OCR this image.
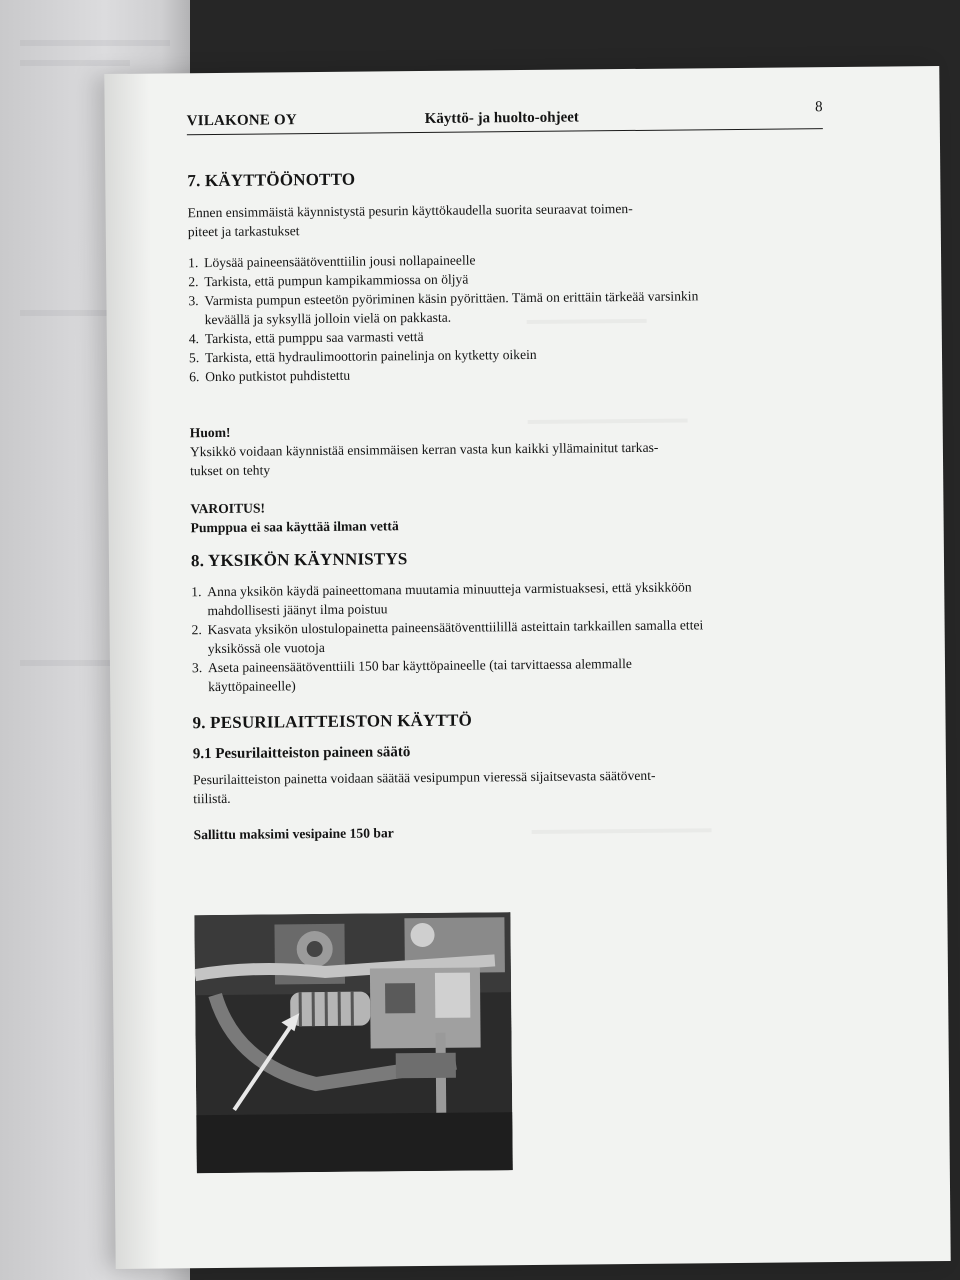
VILAKONE OY	Käyttö- ja huolto-ohjeet
8
7. KÄYTTÖÖNOTTO

Ennen ensimmäistä käynnistystä pesurin käyttökaudella suorita seuraavat toimen-
piteet ja tarkastukset

1. Löysää paineensäätöventtiilin jousi nollapaineelle
2. Tarkista, että pumpun kampikammiossa on öljyä
3. Varmista pumpun esteetön pyöriminen käsin pyörittäen. Tämä on erittäin tärkeää varsinkin keväällä ja syksyllä jolloin vielä on pakkasta.
4. Tarkista, että pumppu saa varmasti vettä
5. Tarkista, että hydraulimoottorin painelinja on kytketty oikein
6. Onko putkistot puhdistettu

Huom!

Yksikkö voidaan käynnistää ensimmäisen kerran vasta kun kaikki yllämainitut tarkas-
tukset on tehty

VAROITUS!

Pumppua ei saa käyttää ilman vettä

8. YKSIKÖN KÄYNNISTYS
1. Anna yksikön käydä paineettomana muutamia minuutteja varmistuaksesi, että yksikköön mahdollisesti jäänyt ilma poistuu
2. Kasvata yksikön ulostulopainetta paineensäätöventtiilillä asteittain tarkkaillen samalla ettei yksikössä ole vuotoja
3. Aseta paineensäätöventtiili 150 bar käyttöpaineelle (tai tarvittaessa alemmalle käyttöpaineelle)
9. PESURILAITTEISTON KÄYTTÖ
9.1 Pesurilaitteiston paineen säätö

Pesurilaitteiston painetta voidaan säätää vesipumpun vieressä sijaitsevasta säätövent-
tiilistä.

Sallittu maksimi vesipaine 150 bar
